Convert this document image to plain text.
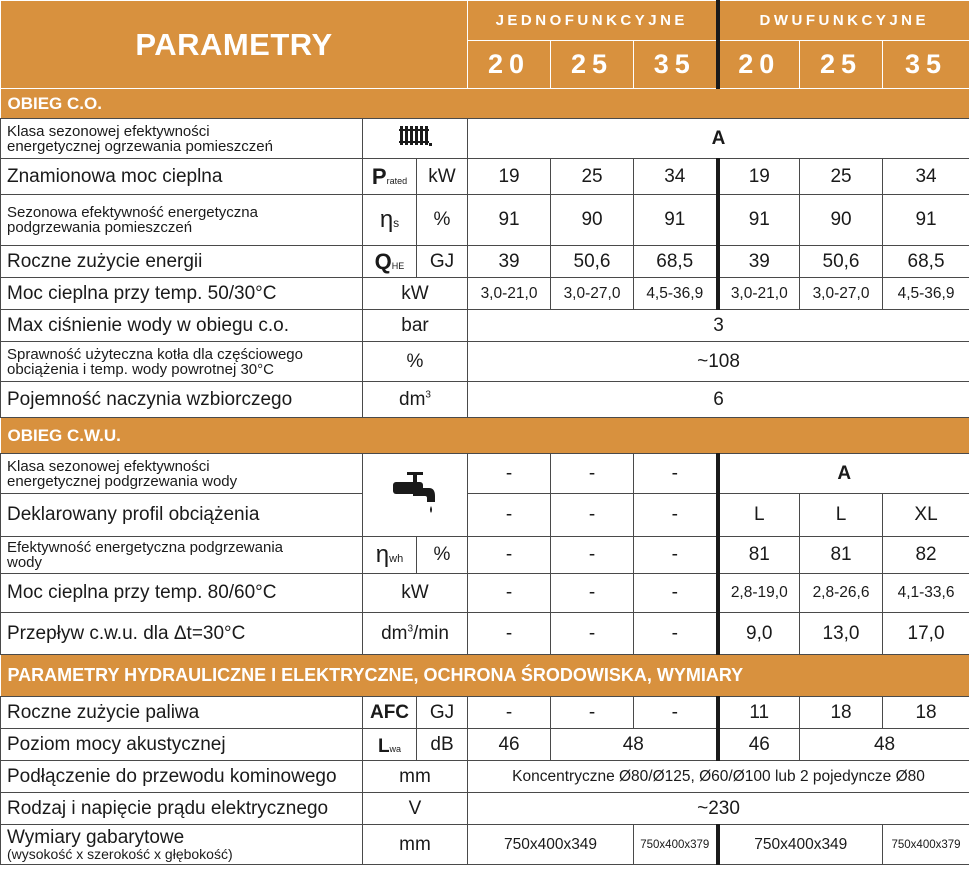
PARAMETRY			JEDNOFUNKCYJNE			DWUFUNKCYJNE		
			20	25	35	20	25	35
OBIEG C.O.								

Klasa sezonowej efektywności
energetycznej ogrzewania pomieszczeń			A					
Znamionowa moc cieplna	Prated	kW	19	25	34	19	25	34

Sezonowa efektywność energetyczna
podgrzewania pomieszczeń	ηs	%	91	90	91	91	90	91
Roczne zużycie energii	QHE	GJ	39	50,6	68,5	39	50,6	68,5
Moc cieplna przy temp. 50/30°C	kW		3,0-21,0	3,0-27,0	4,5-36,9	3,0-21,0	3,0-27,0	4,5-36,9
Max ciśnienie wody w obiegu c.o.	bar		3					

Sprawność użyteczna kotła dla częściowego
obciążenia i temp. wody powrotnej 30°C	%		~108					
Pojemność naczynia wzbiorczego	$dm^3$		6					
OBIEG C.W.U.								

Klasa sezonowej efektywności
energetycznej podgrzewania wody			-	-	-	A		
Deklarowany profil obciążenia			-	-	-	L	L	XL

Efektywność energetyczna podgrzewania
wody	ηwh	%	-	-	-	81	81	82
Moc cieplna przy temp. 80/60°C	kW		-	-	-	2,8-19,0	2,8-26,6	4,1-33,6
Przepływ c.w.u. dla Δt=30°C	$dm^3/\min$		-	-	-	9,0	13,0	17,0
PARAMETRY HYDRAULICZNE I ELEKTRYCZNE, OCHRONA ŚRODOWISKA, WYMIARY								
Roczne zużycie paliwa	AFC	GJ	-	-	-	11	18	18
Poziom mocy akustycznej	Lwa	dB	46	48		46	48	
Podłączenie do przewodu kominowego	mm		Koncentryczne Ø80/Ø125, Ø60/Ø100 lub 2 pojedyncze Ø80					
Rodzaj i napięcie prądu elektrycznego	V		~230					

Wymiary gabarytowe
(wysokość x szerokość x głębokość)	mm		750x400x349		750x400x379	750x400x349		750x400x379
